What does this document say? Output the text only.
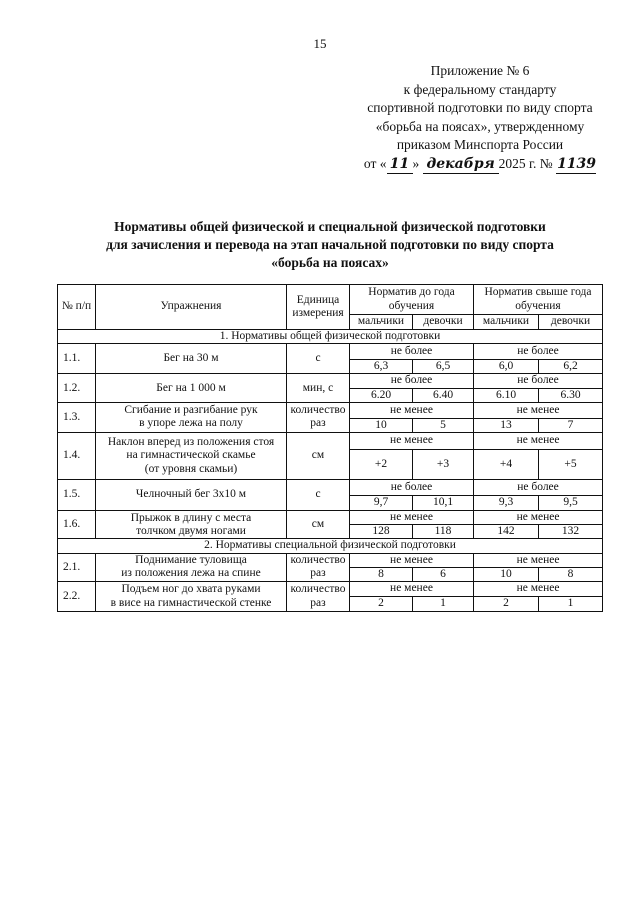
15
Приложение № 6
к федеральному стандарту
спортивной подготовки по виду спорта
«борьба на поясах», утвержденному
приказом Минспорта России
от « 11 » декабря 2025 г. № 1139
Нормативы общей физической и специальной физической подготовки
для зачисления и перевода на этап начальной подготовки по виду спорта
«борьба на поясах»
№ п/п	Упражнения	Единица измерения	Норматив до года обучения		Норматив свыше года обучения	
			мальчики	девочки	мальчики	девочки
1. Нормативы общей физической подготовки						
1.1.	Бег на 30 м	с	не более		не более	
			6,3	6,5	6,0	6,2
1.2.	Бег на 1 000 м	мин, с	не более		не более	
			6.20	6.40	6.10	6.30
1.3.	Сгибание и разгибание рук
в упоре лежа на полу	количество раз	не менее		не менее	
			10	5	13	7
1.4.	Наклон вперед из положения стоя
на гимнастической скамье
(от уровня скамьи)	см	не менее		не менее	
			+2	+3	+4	+5
1.5.	Челночный бег 3х10 м	с	не более		не более	
			9,7	10,1	9,3	9,5
1.6.	Прыжок в длину с места
толчком двумя ногами	см	не менее		не менее	
			128	118	142	132
2. Нормативы специальной физической подготовки						
2.1.	Поднимание туловища
из положения лежа на спине	количество раз	не менее		не менее	
			8	6	10	8
2.2.	Подъем ног до хвата руками
в висе на гимнастической стенке	количество раз	не менее		не менее	
			2	1	2	1
